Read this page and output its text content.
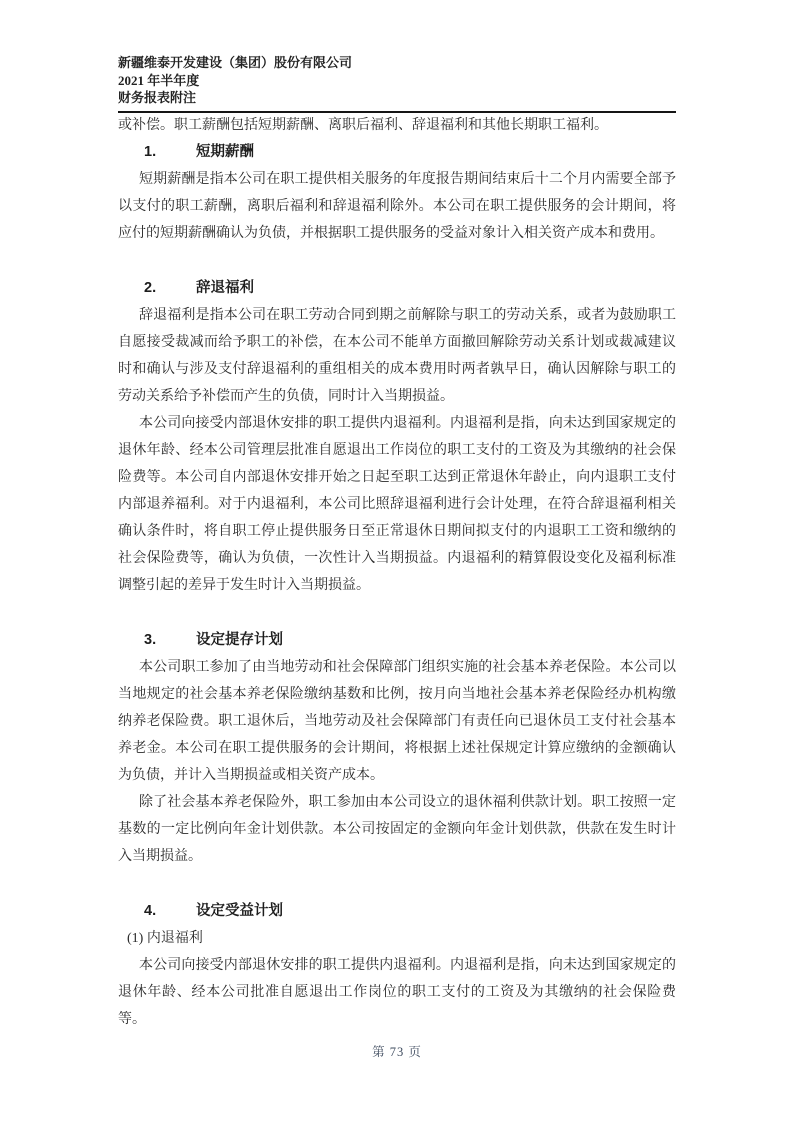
新疆维泰开发建设（集团）股份有限公司
2021 年半年度
财务报表附注

或补偿。职工薪酬包括短期薪酬、离职后福利、辞退福利和其他长期职工福利。

1.	短期薪酬

短期薪酬是指本公司在职工提供相关服务的年度报告期间结束后十二个月内需要全部予以支付的职工薪酬，离职后福利和辞退福利除外。本公司在职工提供服务的会计期间，将应付的短期薪酬确认为负债，并根据职工提供服务的受益对象计入相关资产成本和费用。

2.	辞退福利

辞退福利是指本公司在职工劳动合同到期之前解除与职工的劳动关系，或者为鼓励职工自愿接受裁减而给予职工的补偿，在本公司不能单方面撤回解除劳动关系计划或裁减建议时和确认与涉及支付辞退福利的重组相关的成本费用时两者孰早日，确认因解除与职工的劳动关系给予补偿而产生的负债，同时计入当期损益。

本公司向接受内部退休安排的职工提供内退福利。内退福利是指，向未达到国家规定的退休年龄、经本公司管理层批准自愿退出工作岗位的职工支付的工资及为其缴纳的社会保险费等。本公司自内部退休安排开始之日起至职工达到正常退休年龄止，向内退职工支付内部退养福利。对于内退福利，本公司比照辞退福利进行会计处理，在符合辞退福利相关确认条件时，将自职工停止提供服务日至正常退休日期间拟支付的内退职工工资和缴纳的社会保险费等，确认为负债，一次性计入当期损益。内退福利的精算假设变化及福利标准调整引起的差异于发生时计入当期损益。

3.	设定提存计划

本公司职工参加了由当地劳动和社会保障部门组织实施的社会基本养老保险。本公司以当地规定的社会基本养老保险缴纳基数和比例，按月向当地社会基本养老保险经办机构缴纳养老保险费。职工退休后，当地劳动及社会保障部门有责任向已退休员工支付社会基本养老金。本公司在职工提供服务的会计期间，将根据上述社保规定计算应缴纳的金额确认为负债，并计入当期损益或相关资产成本。

除了社会基本养老保险外，职工参加由本公司设立的退休福利供款计划。职工按照一定基数的一定比例向年金计划供款。本公司按固定的金额向年金计划供款，供款在发生时计入当期损益。

4.	设定受益计划

(1) 内退福利

本公司向接受内部退休安排的职工提供内退福利。内退福利是指，向未达到国家规定的退休年龄、经本公司批准自愿退出工作岗位的职工支付的工资及为其缴纳的社会保险费等。

第 73 页
